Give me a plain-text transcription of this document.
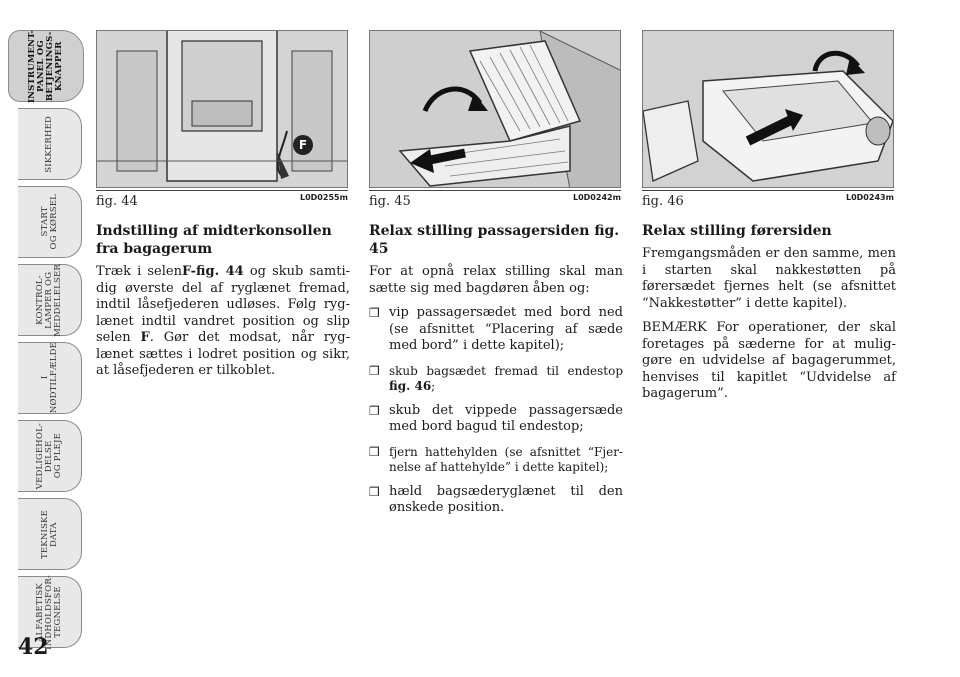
INSTRUMENT-
PANEL OG
BETJENINGS-
KNAPPER
SIKKERHED
START
OG KØRSEL
KONTROL-
LAMPER OG
MEDDELELSER
I
NØDTILFÆLDE
VEDLIGEHOL-
DELSE
OG PLEJE
TEKNISKE
DATA
ALFABETISK
INDHOLDSFOR-
TEGNELSE
42
F
fig. 44	L0D0255m fig. 45	L0D0242m fig. 46	L0D0243m
Indstilling af midterkonsollen fra bagagerum

Træk i selenF-fig. 44 og skub samti-dig øverste del af ryglænet fremad, indtil låsefjederen udløses. Følg ryg-lænet indtil vandret position og slip selen F. Gør det modsat, når ryg-lænet sættes i lodret position og sikr, at låsefjederen er tilkoblet.

Relax stilling passagersiden fig. 45

For at opnå relax stilling skal man sætte sig med bagdøren åben og:

❒ vip passagersædet med bord ned (se afsnittet “Placering af sæde med bord” i dette kapitel);
❒ skub bagsædet fremad til endestop fig. 46;
❒ skub det vippede passagersæde med bord bagud til endestop;
❒ fjern hattehylden (se afsnittet “Fjer-nelse af hattehylde” i dette kapitel);
❒ hæld bagsæderyglænet til den ønskede position.
Relax stilling førersiden

Fremgangsmåden er den samme, men i starten skal nakkestøtten på førersædet fjernes helt (se afsnittet “Nakkestøtter” i dette kapitel).

BEMÆRK For operationer, der skal foretages på sæderne for at mulig-gøre en udvidelse af bagagerummet, henvises til kapitlet “Udvidelse af bagagerum”.
